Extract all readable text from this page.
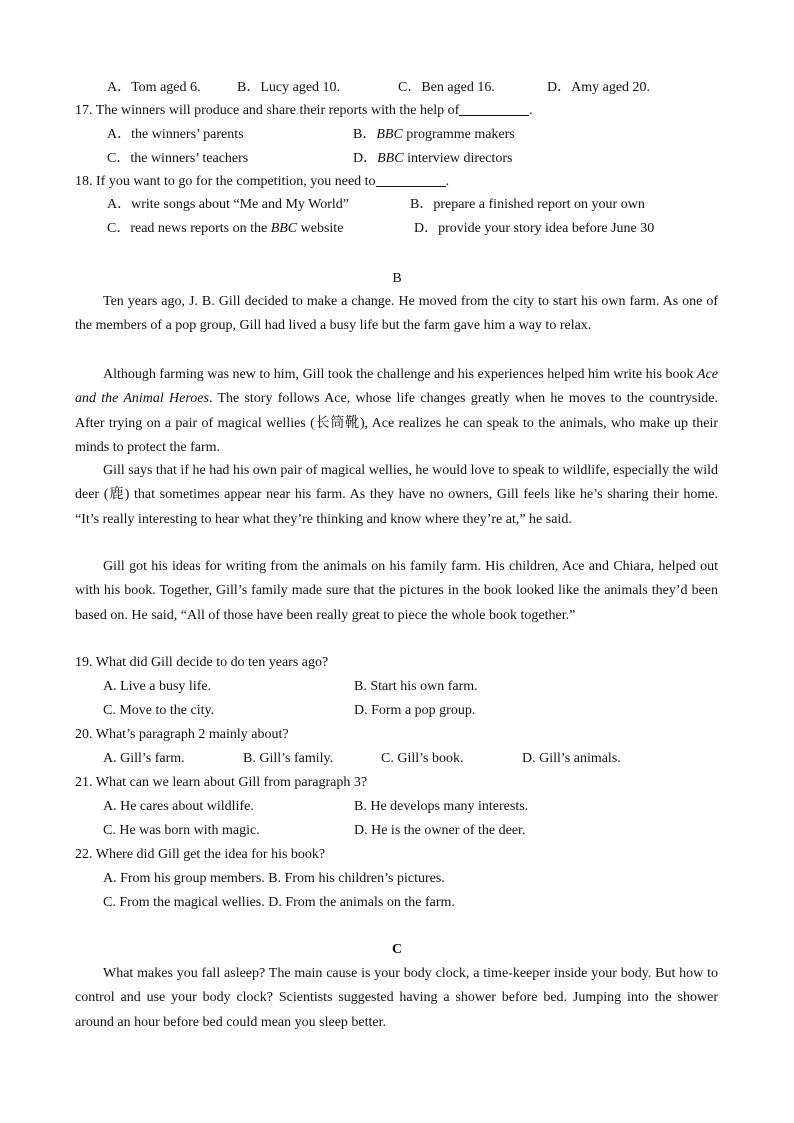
A．Tom aged 6.	B．Lucy aged 10.	C．Ben aged 16.	D．Amy aged 20.
17. The winners will produce and share their reports with the help of	.
A．the winners’ parents	B．BBC programme makers
C．the winners’ teachers	D．BBC interview directors
18. If you want to go for the competition, you need to	.
A．write songs about “Me and My World”	B．prepare a finished report on your own
C．read news reports on the BBC website	D．provide your story idea before June 30
B
Ten years ago, J. B. Gill decided to make a change. He moved from the city to start his own farm. As one of the members of a pop group, Gill had lived a busy life but the farm gave him a way to relax.
Although farming was new to him, Gill took the challenge and his experiences helped him write his book Ace and the Animal Heroes. The story follows Ace, whose life changes greatly when he moves to the countryside. After trying on a pair of magical wellies (长筒靴), Ace realizes he can speak to the animals, who make up their minds to protect the farm.
Gill says that if he had his own pair of magical wellies, he would love to speak to wildlife, especially the wild deer (鹿) that sometimes appear near his farm. As they have no owners, Gill feels like he’s sharing their home. “It’s really interesting to hear what they’re thinking and know where they’re at,” he said.
Gill got his ideas for writing from the animals on his family farm. His children, Ace and Chiara, helped out with his book. Together, Gill’s family made sure that the pictures in the book looked like the animals they’d been based on. He said, “All of those have been really great to piece the whole book together.”
19. What did Gill decide to do ten years ago?
A. Live a busy life.	B. Start his own farm.
C. Move to the city.	D. Form a pop group.
20. What’s paragraph 2 mainly about?
A. Gill’s farm.	B. Gill’s family.	C. Gill’s book.	D. Gill’s animals.
21. What can we learn about Gill from paragraph 3?
A. He cares about wildlife.	B. He develops many interests.
C. He was born with magic.	D. He is the owner of the deer.
22. Where did Gill get the idea for his book?
A. From his group members. B. From his children’s pictures.
C. From the magical wellies. D. From the animals on the farm.
C
What makes you fall asleep? The main cause is your body clock, a time-keeper inside your body. But how to control and use your body clock? Scientists suggested having a shower before bed. Jumping into the shower around an hour before bed could mean you sleep better.
